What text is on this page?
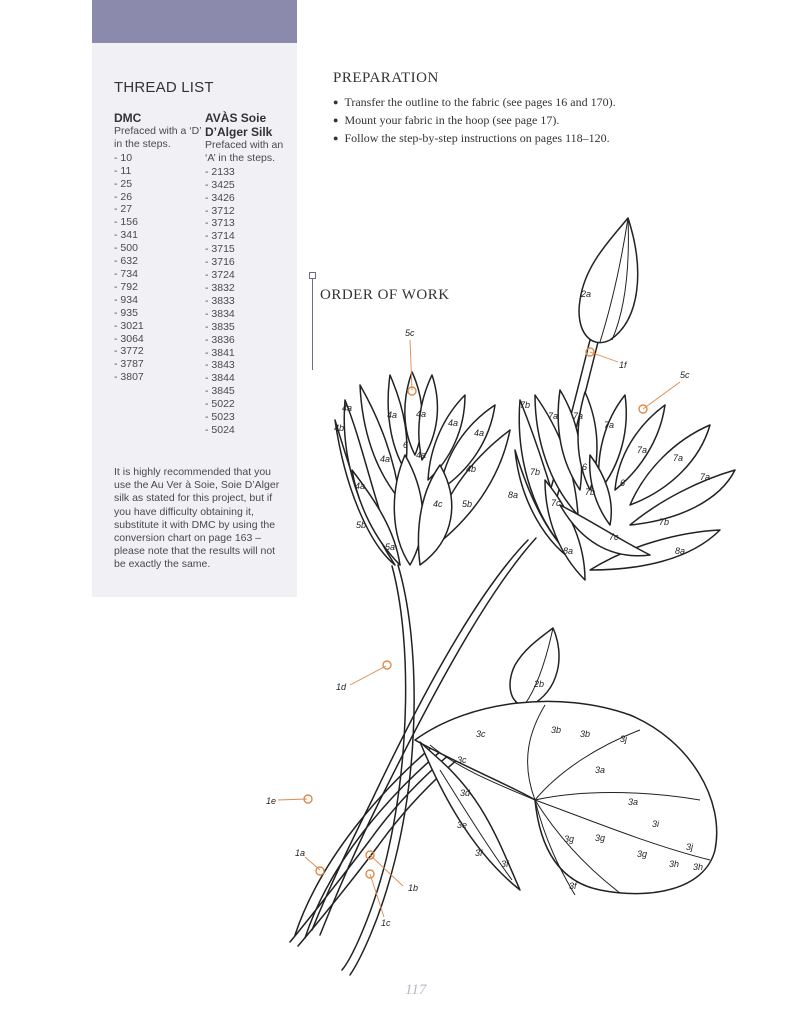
THREAD LIST
DMC

Prefaced with a ‘D’ in the steps.

- 10
- 11
- 25
- 26
- 27
- 156
- 341
- 500
- 632
- 734
- 792
- 934
- 935
- 3021
- 3064
- 3772
- 3787
- 3807
AVÀS Soie D’Alger Silk

Prefaced with an ‘A’ in the steps.

- 2133
- 3425
- 3426
- 3712
- 3713
- 3714
- 3715
- 3716
- 3724
- 3832
- 3833
- 3834
- 3835
- 3836
- 3841
- 3843
- 3844
- 3845
- 5022
- 5023
- 5024
It is highly recommended that you use the Au Ver à Soie, Soie D’Alger silk as stated for this project, but if you have difficulty obtaining it, substitute it with DMC by using the conversion chart on page 163 – please note that the results will not be exactly the same.
PREPARATION
● Transfer the outline to the fabric (see pages 16 and 170).
● Mount your fabric in the hoop (see page 17).
● Follow the step-by-step instructions on pages 118–120.
ORDER OF WORK	2a
1f
5c
5c
4a
4b
4a 4a
4a
4a
6
4a	4a
4b
4a
4c 5b
5b
5a
7b
7a 7a
7a
7a
7a
7a
7b	6
6
7b
8a
7c
7b
7c
8a	8a
1d	2b
3c	3b 3b	3j
3c
3a
3d
3a
3e	3i
3g 3g
3j
3g
3h 3h
3f
3f
3f
1e
1a
1b
1c
117
